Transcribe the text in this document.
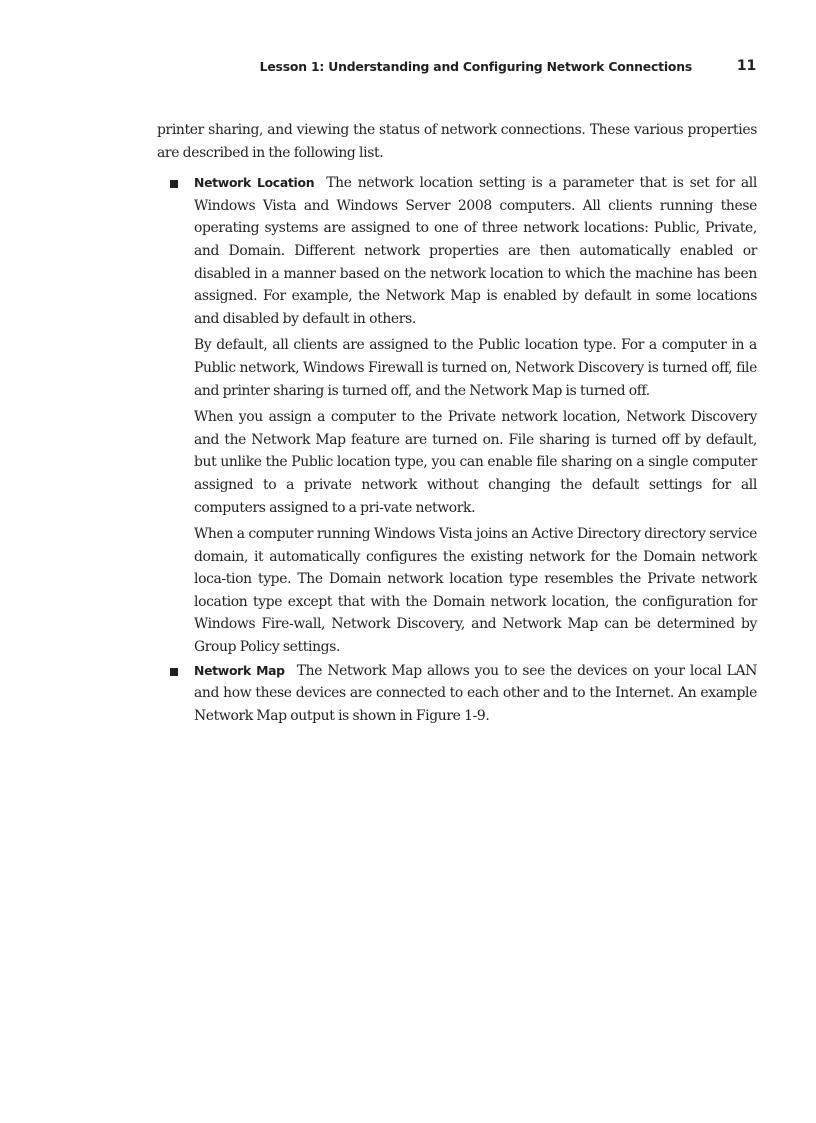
Lesson 1: Understanding and Configuring Network Connections	11

printer sharing, and viewing the status of network connections. These various properties are described in the following list.

Network Location The network location setting is a parameter that is set for all Windows Vista and Windows Server 2008 computers. All clients running these operating systems are assigned to one of three network locations: Public, Private, and Domain. Different network properties are then automatically enabled or disabled in a manner based on the network location to which the machine has been assigned. For example, the Network Map is enabled by default in some locations and disabled by default in others.

By default, all clients are assigned to the Public location type. For a computer in a Public network, Windows Firewall is turned on, Network Discovery is turned off, file and printer sharing is turned off, and the Network Map is turned off.

When you assign a computer to the Private network location, Network Discovery and the Network Map feature are turned on. File sharing is turned off by default, but unlike the Public location type, you can enable file sharing on a single computer assigned to a private network without changing the default settings for all computers assigned to a pri-vate network.

When a computer running Windows Vista joins an Active Directory directory service domain, it automatically configures the existing network for the Domain network loca-tion type. The Domain network location type resembles the Private network location type except that with the Domain network location, the configuration for Windows Fire-wall, Network Discovery, and Network Map can be determined by Group Policy settings.

Network Map The Network Map allows you to see the devices on your local LAN and how these devices are connected to each other and to the Internet. An example Network Map output is shown in Figure 1-9.
